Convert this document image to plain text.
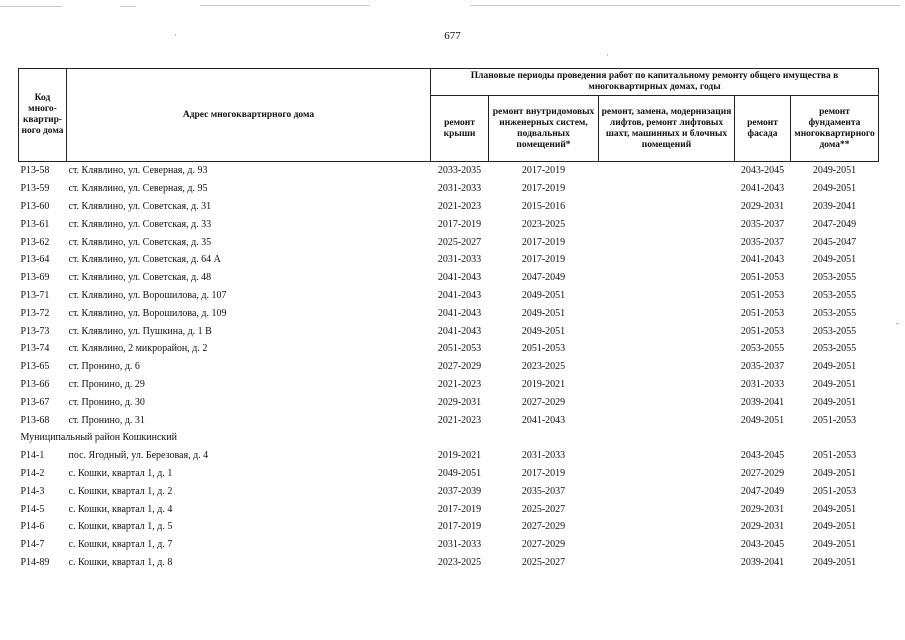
·
·
-
677
Код много-квартир-ного дома	Адрес многоквартирного дома	Плановые периоды проведения работ по капитальному ремонту общего имущества в многоквартирных домах, годы				
		ремонт крыши	ремонт внутридомовых инженерных систем, подвальных помещений*	ремонт, замена, модернизация лифтов, ремонт лифтовых шахт, машинных и блочных помещений	ремонт фасада	ремонт фундамента многоквартирного дома**
Р13-58	ст. Клявлино, ул. Северная, д. 93	2033-2035	2017-2019		2043-2045	2049-2051
Р13-59	ст. Клявлино, ул. Северная, д. 95	2031-2033	2017-2019		2041-2043	2049-2051
Р13-60	ст. Клявлино, ул. Советская, д. 31	2021-2023	2015-2016		2029-2031	2039-2041
Р13-61	ст. Клявлино, ул. Советская, д. 33	2017-2019	2023-2025		2035-2037	2047-2049
Р13-62	ст. Клявлино, ул. Советская, д. 35	2025-2027	2017-2019		2035-2037	2045-2047
Р13-64	ст. Клявлино, ул. Советская, д. 64 А	2031-2033	2017-2019		2041-2043	2049-2051
Р13-69	ст. Клявлино, ул. Советская, д. 48	2041-2043	2047-2049		2051-2053	2053-2055
Р13-71	ст. Клявлино, ул. Ворошилова, д. 107	2041-2043	2049-2051		2051-2053	2053-2055
Р13-72	ст. Клявлино, ул. Ворошилова, д. 109	2041-2043	2049-2051		2051-2053	2053-2055
Р13-73	ст. Клявлино, ул. Пушкина, д. 1 В	2041-2043	2049-2051		2051-2053	2053-2055
Р13-74	ст. Клявлино, 2 микрорайон, д. 2	2051-2053	2051-2053		2053-2055	2053-2055
Р13-65	ст. Пронино, д. 6	2027-2029	2023-2025		2035-2037	2049-2051
Р13-66	ст. Пронино, д. 29	2021-2023	2019-2021		2031-2033	2049-2051
Р13-67	ст. Пронино, д. 30	2029-2031	2027-2029		2039-2041	2049-2051
Р13-68	ст. Пронино, д. 31	2021-2023	2041-2043		2049-2051	2051-2053
Муниципальный район Кошкинский						
Р14-1	пос. Ягодный, ул. Березовая, д. 4	2019-2021	2031-2033		2043-2045	2051-2053
Р14-2	с. Кошки, квартал 1, д. 1	2049-2051	2017-2019		2027-2029	2049-2051
Р14-3	с. Кошки, квартал 1, д. 2	2037-2039	2035-2037		2047-2049	2051-2053
Р14-5	с. Кошки, квартал 1, д. 4	2017-2019	2025-2027		2029-2031	2049-2051
Р14-6	с. Кошки, квартал 1, д. 5	2017-2019	2027-2029		2029-2031	2049-2051
Р14-7	с. Кошки, квартал 1, д. 7	2031-2033	2027-2029		2043-2045	2049-2051
Р14-89	с. Кошки, квартал 1, д. 8	2023-2025	2025-2027		2039-2041	2049-2051
